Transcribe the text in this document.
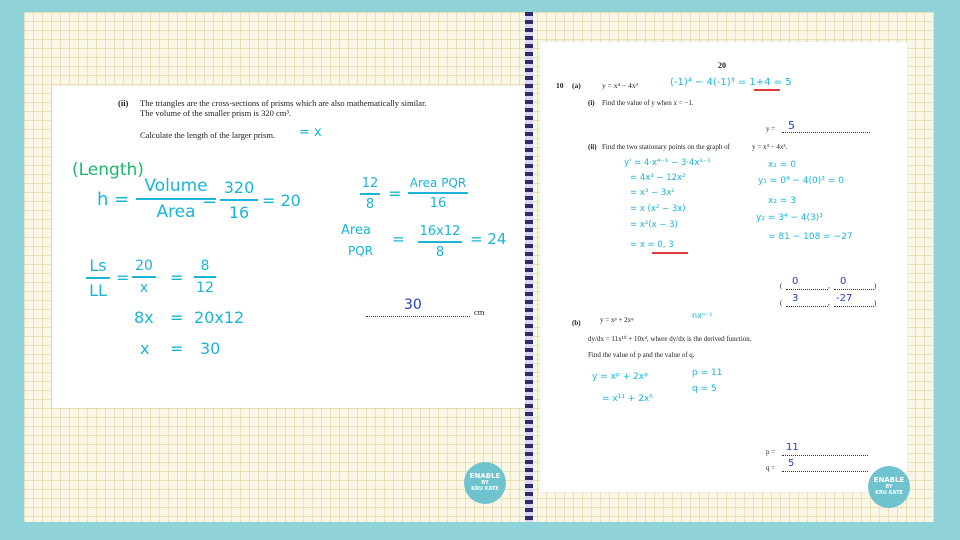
(ii) The triangles are the cross-sections of prisms which are also mathematically similar.
The volume of the smaller prism is 320 cm³.
Calculate the length of the larger prism. = x
(Length)
h =
Volume
Area
=
320
16
= 20
12
8
=
Area PQR
16
Area
PQR
= 16x12
8
= 24
Ls
LL
=
20
x
=
8
12
8x = 20x12
x = 30
30	cm
20
10 (a)	y = x⁴ − 4x³	(-1)⁴ − 4(-1)³ = 1+4 = 5
(i) Find the value of y when x = −1.
y = 5
(ii) Find the two stationary points on the graph of	y = x⁴ − 4x³.
y' = 4·x⁴⁻¹ − 3·4x³⁻¹
= 4x³ − 12x²
= x³ − 3x²
= x (x² − 3x)
= x²(x − 3)
= x = 0, 3
x₁ = 0
y₁ = 0⁴ − 4(0)³ = 0
x₂ = 3
y₂ = 3⁴ − 4(3)³
= 81 − 108 = −27
( 0	, 0	)
( 3	, -27	)
(b)	y = xᵖ + 2xᵠ	nxⁿ⁻¹
dy/dx = 11x¹⁰ + 10x⁴, where dy/dx is the derived function.
Find the value of p and the value of q.
y = xᵖ + 2xᵠ
= x¹¹ + 2x⁵
p = 11
q = 5
p = 11
q = 5
ENABLE
BY
KRU KATE
ENABLE
BY
KRU KATE
